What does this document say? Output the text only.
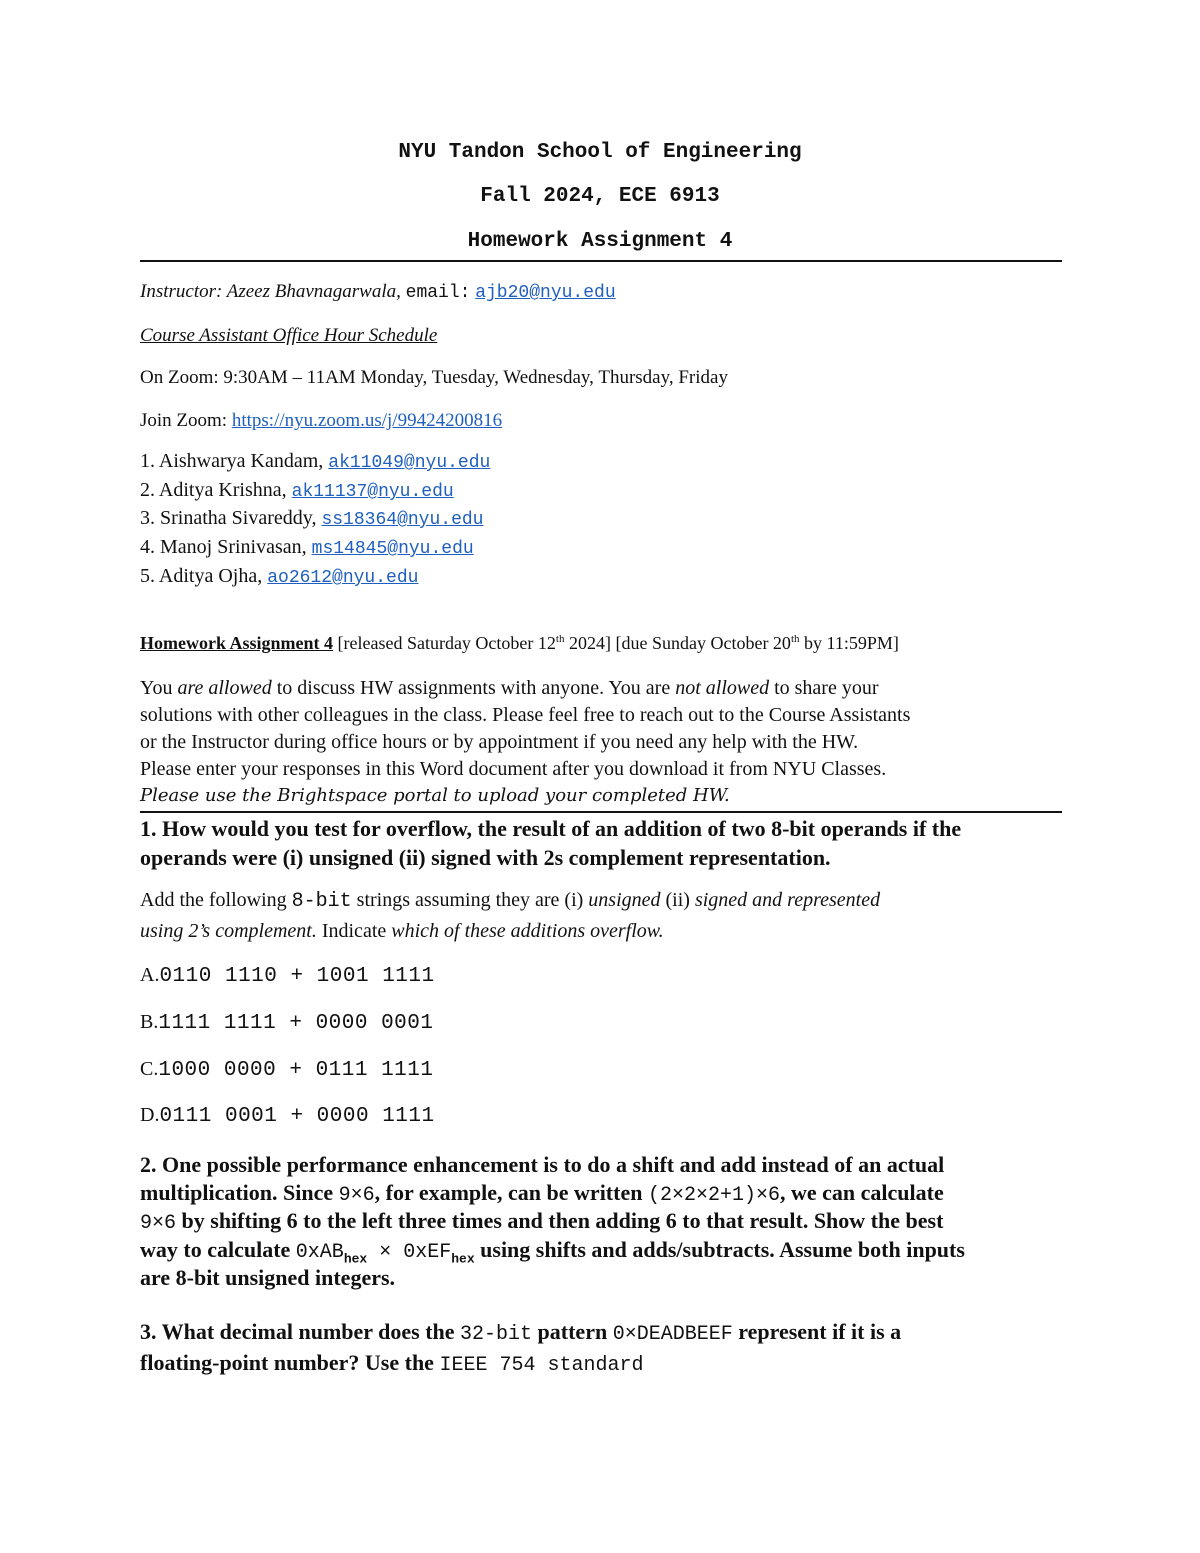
NYU Tandon School of Engineering
Fall 2024, ECE 6913
Homework Assignment 4
Instructor: Azeez Bhavnagarwala, email: ajb20@nyu.edu
Course Assistant Office Hour Schedule
On Zoom: 9:30AM – 11AM Monday, Tuesday, Wednesday, Thursday, Friday
Join Zoom: https://nyu.zoom.us/j/99424200816
1. Aishwarya Kandam, ak11049@nyu.edu
2. Aditya Krishna, ak11137@nyu.edu
3. Srinatha Sivareddy, ss18364@nyu.edu
4. Manoj Srinivasan, ms14845@nyu.edu
5. Aditya Ojha, ao2612@nyu.edu
Homework Assignment 4 [released Saturday October 12th 2024] [due Sunday October 20th by 11:59PM]
You are allowed to discuss HW assignments with anyone. You are not allowed to share your
solutions with other colleagues in the class. Please feel free to reach out to the Course Assistants
or the Instructor during office hours or by appointment if you need any help with the HW.
Please enter your responses in this Word document after you download it from NYU Classes.
Please use the Brightspace portal to upload your completed HW.
1. How would you test for overflow, the result of an addition of two 8-bit operands if the
operands were (i) unsigned (ii) signed with 2s complement representation.
Add the following 8-bit strings assuming they are (i) unsigned (ii) signed and represented
using 2’s complement. Indicate which of these additions overflow.
A.0110 1110 + 1001 1111
B.1111 1111 + 0000 0001
C.1000 0000 + 0111 1111
D.0111 0001 + 0000 1111
2. One possible performance enhancement is to do a shift and add instead of an actual
multiplication. Since 9×6, for example, can be written (2×2×2+1)×6, we can calculate
9×6 by shifting 6 to the left three times and then adding 6 to that result. Show the best
way to calculate 0xAB$_{hex}$ × 0xEF$_{hex}$ using shifts and adds/subtracts. Assume both inputs
are 8-bit unsigned integers.
3. What decimal number does the 32-bit pattern 0×DEADBEEF represent if it is a
floating-point number? Use the IEEE 754 standard
